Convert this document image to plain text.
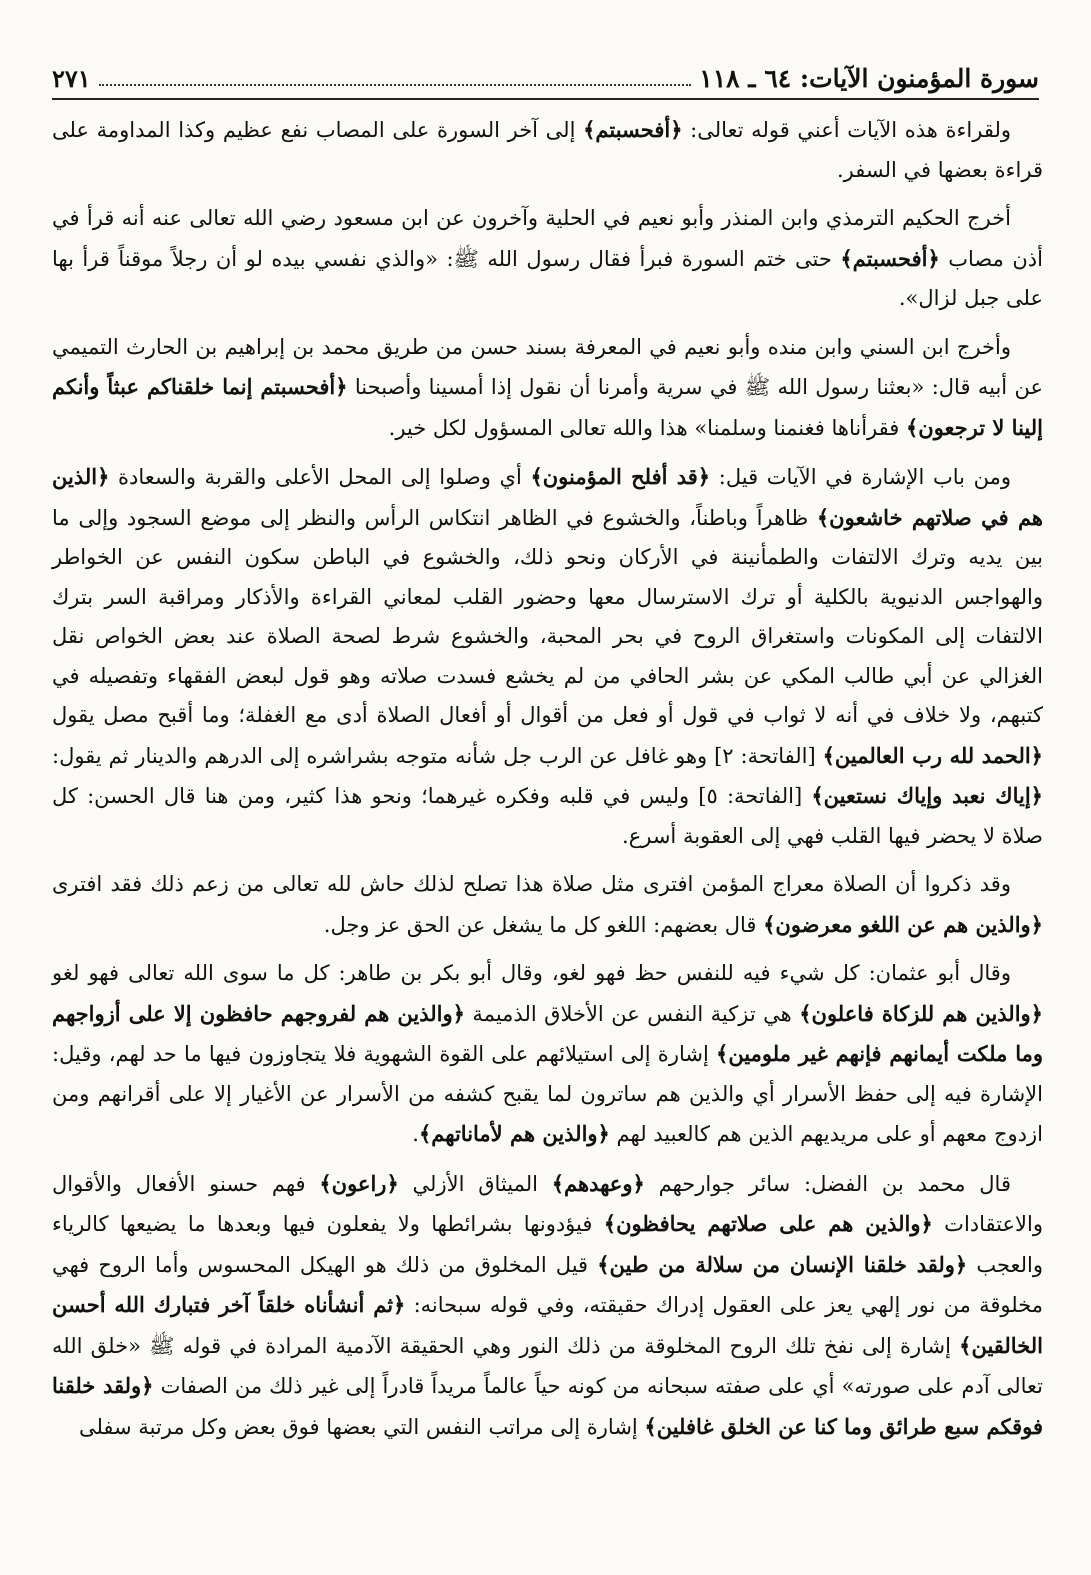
سورة المؤمنون الآيات: ٦٤ ـ ١١٨
٢٧١

ولقراءة هذه الآيات أعني قوله تعالى: ﴿أفحسبتم﴾ إلى آخر السورة على المصاب نفع عظيم وكذا المداومة على قراءة بعضها في السفر.

أخرج الحكيم الترمذي وابن المنذر وأبو نعيم في الحلية وآخرون عن ابن مسعود رضي الله تعالى عنه أنه قرأ في أذن مصاب ﴿أفحسبتم﴾ حتى ختم السورة فبرأ فقال رسول الله ﷺ: «والذي نفسي بيده لو أن رجلاً موقناً قرأ بها على جبل لزال».

وأخرج ابن السني وابن منده وأبو نعيم في المعرفة بسند حسن من طريق محمد بن إبراهيم بن الحارث التميمي عن أبيه قال: «بعثنا رسول الله ﷺ في سرية وأمرنا أن نقول إذا أمسينا وأصبحنا ﴿أفحسبتم إنما خلقناكم عبثاً وأنكم إلينا لا ترجعون﴾ فقرأناها فغنمنا وسلمنا» هذا والله تعالى المسؤول لكل خير.

ومن باب الإشارة في الآيات قيل: ﴿قد أفلح المؤمنون﴾ أي وصلوا إلى المحل الأعلى والقربة والسعادة ﴿الذين هم في صلاتهم خاشعون﴾ ظاهراً وباطناً، والخشوع في الظاهر انتكاس الرأس والنظر إلى موضع السجود وإلى ما بين يديه وترك الالتفات والطمأنينة في الأركان ونحو ذلك، والخشوع في الباطن سكون النفس عن الخواطر والهواجس الدنيوية بالكلية أو ترك الاسترسال معها وحضور القلب لمعاني القراءة والأذكار ومراقبة السر بترك الالتفات إلى المكونات واستغراق الروح في بحر المحبة، والخشوع شرط لصحة الصلاة عند بعض الخواص نقل الغزالي عن أبي طالب المكي عن بشر الحافي من لم يخشع فسدت صلاته وهو قول لبعض الفقهاء وتفصيله في كتبهم، ولا خلاف في أنه لا ثواب في قول أو فعل من أقوال أو أفعال الصلاة أدى مع الغفلة؛ وما أقبح مصل يقول ﴿الحمد لله رب العالمين﴾ [الفاتحة: ٢] وهو غافل عن الرب جل شأنه متوجه بشراشره إلى الدرهم والدينار ثم يقول: ﴿إياك نعبد وإياك نستعين﴾ [الفاتحة: ٥] وليس في قلبه وفكره غيرهما؛ ونحو هذا كثير، ومن هنا قال الحسن: كل صلاة لا يحضر فيها القلب فهي إلى العقوبة أسرع.

وقد ذكروا أن الصلاة معراج المؤمن افترى مثل صلاة هذا تصلح لذلك حاش لله تعالى من زعم ذلك فقد افترى ﴿والذين هم عن اللغو معرضون﴾ قال بعضهم: اللغو كل ما يشغل عن الحق عز وجل.

وقال أبو عثمان: كل شيء فيه للنفس حظ فهو لغو، وقال أبو بكر بن طاهر: كل ما سوى الله تعالى فهو لغو ﴿والذين هم للزكاة فاعلون﴾ هي تزكية النفس عن الأخلاق الذميمة ﴿والذين هم لفروجهم حافظون إلا على أزواجهم وما ملكت أيمانهم فإنهم غير ملومين﴾ إشارة إلى استيلائهم على القوة الشهوية فلا يتجاوزون فيها ما حد لهم، وقيل: الإشارة فيه إلى حفظ الأسرار أي والذين هم ساترون لما يقبح كشفه من الأسرار عن الأغيار إلا على أقرانهم ومن ازدوج معهم أو على مريديهم الذين هم كالعبيد لهم ﴿والذين هم لأماناتهم﴾.

قال محمد بن الفضل: سائر جوارحهم ﴿وعهدهم﴾ الميثاق الأزلي ﴿راعون﴾ فهم حسنو الأفعال والأقوال والاعتقادات ﴿والذين هم على صلاتهم يحافظون﴾ فيؤدونها بشرائطها ولا يفعلون فيها وبعدها ما يضيعها كالرياء والعجب ﴿ولقد خلقنا الإنسان من سلالة من طين﴾ قيل المخلوق من ذلك هو الهيكل المحسوس وأما الروح فهي مخلوقة من نور إلهي يعز على العقول إدراك حقيقته، وفي قوله سبحانه: ﴿ثم أنشأناه خلقاً آخر فتبارك الله أحسن الخالقين﴾ إشارة إلى نفخ تلك الروح المخلوقة من ذلك النور وهي الحقيقة الآدمية المرادة في قوله ﷺ «خلق الله تعالى آدم على صورته» أي على صفته سبحانه من كونه حياً عالماً مريداً قادراً إلى غير ذلك من الصفات ﴿ولقد خلقنا فوقكم سبع طرائق وما كنا عن الخلق غافلين﴾ إشارة إلى مراتب النفس التي بعضها فوق بعض وكل مرتبة سفلى
